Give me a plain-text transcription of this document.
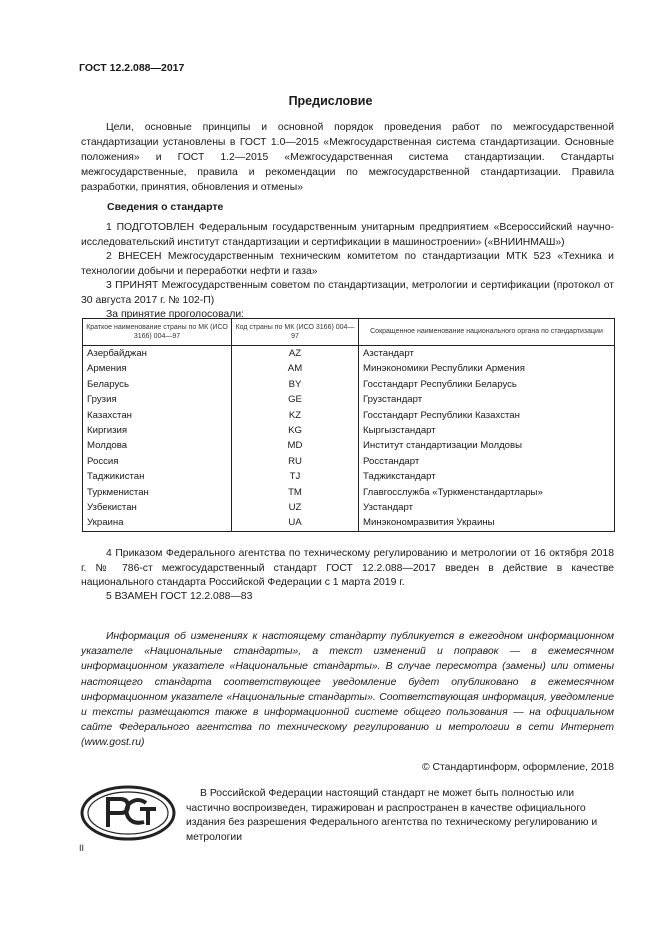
ГОСТ 12.2.088—2017
Предисловие
Цели, основные принципы и основной порядок проведения работ по межгосударственной стандартизации установлены в ГОСТ 1.0—2015 «Межгосударственная система стандартизации. Основные положения» и ГОСТ 1.2—2015 «Межгосударственная система стандартизации. Стандарты межгосударственные, правила и рекомендации по межгосударственной стандартизации. Правила разработки, принятия, обновления и отмены»
Сведения о стандарте
1 ПОДГОТОВЛЕН Федеральным государственным унитарным предприятием «Всероссийский научно-исследовательский институт стандартизации и сертификации в машиностроении» («ВНИИНМАШ»)
2 ВНЕСЕН Межгосударственным техническим комитетом по стандартизации МТК 523 «Техника и технологии добычи и переработки нефти и газа»
3 ПРИНЯТ Межгосударственным советом по стандартизации, метрологии и сертификации (протокол от 30 августа 2017 г. № 102-П)
За принятие проголосовали:
Краткое наименование страны по МК (ИСО 3166) 004—97	Код страны по МК (ИСО 3166) 004—97	Сокращенное наименование национального органа по стандартизации
Азербайджан	AZ	Азстандарт
Армения	AM	Минэкономики Республики Армения
Беларусь	BY	Госстандарт Республики Беларусь
Грузия	GE	Грузстандарт
Казахстан	KZ	Госстандарт Республики Казахстан
Киргизия	KG	Кыргызстандарт
Молдова	MD	Институт стандартизации Молдовы
Россия	RU	Росстандарт
Таджикистан	TJ	Таджикстандарт
Туркменистан	TM	Главгосслужба «Туркменстандартлары»
Узбекистан	UZ	Узстандарт
Украина	UA	Минэкономразвития Украины
4 Приказом Федерального агентства по техническому регулированию и метрологии от 16 октября 2018 г. № 786-ст межгосударственный стандарт ГОСТ 12.2.088—2017 введен в действие в качестве национального стандарта Российской Федерации с 1 марта 2019 г.
5 ВЗАМЕН ГОСТ 12.2.088—83
Информация об изменениях к настоящему стандарту публикуется в ежегодном информационном указателе «Национальные стандарты», а текст изменений и поправок — в ежемесячном информационном указателе «Национальные стандарты». В случае пересмотра (замены) или отмены настоящего стандарта соответствующее уведомление будет опубликовано в ежемесячном информационном указателе «Национальные стандарты». Соответствующая информация, уведомление и тексты размещаются также в информационной системе общего пользования — на официальном сайте Федерального агентства по техническому регулированию и метрологии в сети Интернет (www.gost.ru)
© Стандартинформ, оформление, 2018
В Российской Федерации настоящий стандарт не может быть полностью или частично воспроизведен, тиражирован и распространен в качестве официального издания без разрешения Федерального агентства по техническому регулированию и метрологии
II
